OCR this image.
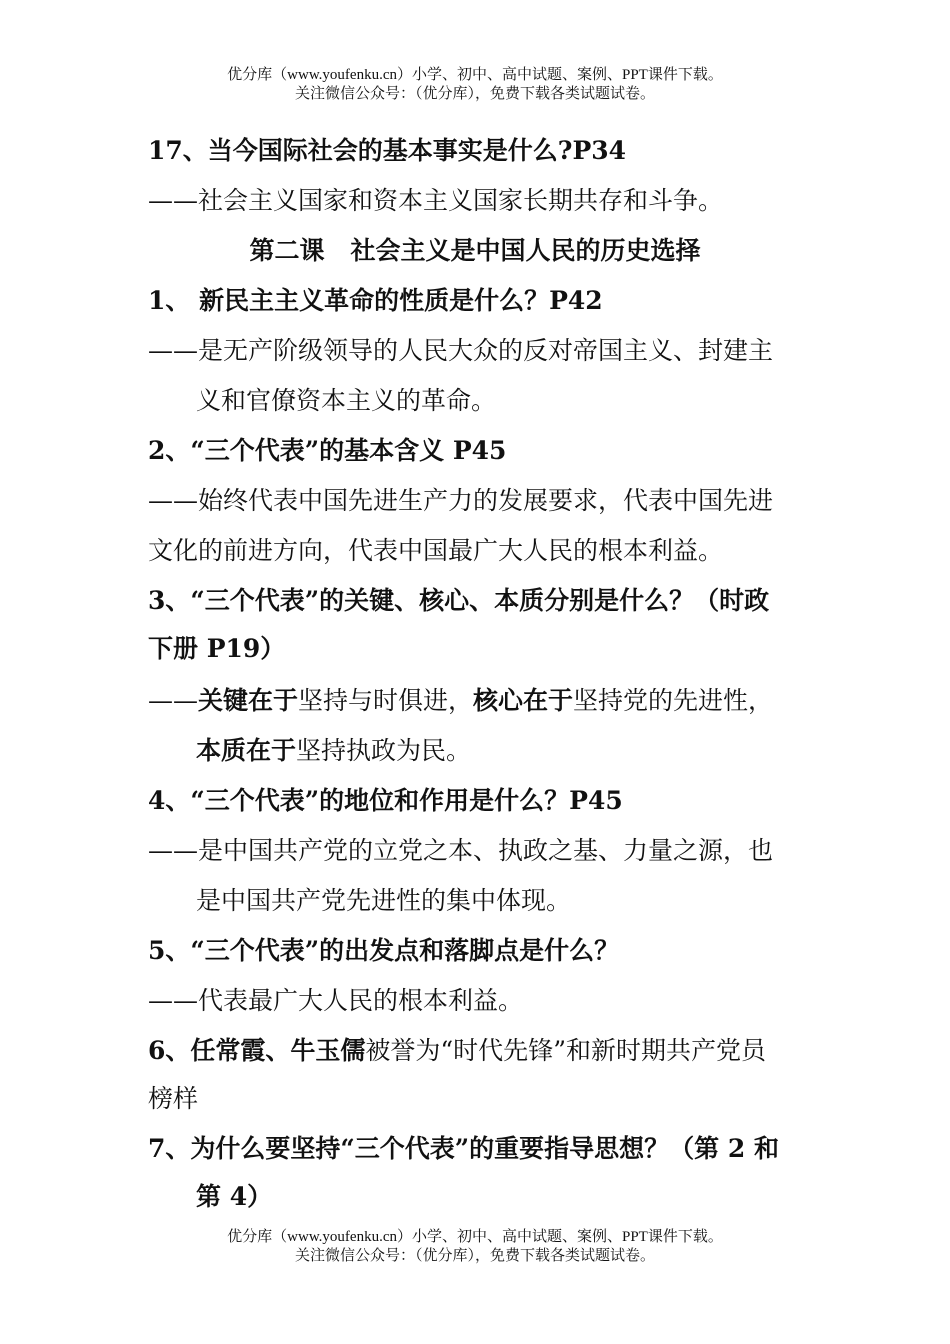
优分库（www.youfenku.cn）小学、初中、高中试题、案例、PPT课件下载。
关注微信公众号：（优分库），免费下载各类试题试卷。
17、当今国际社会的基本事实是什么?P34
——社会主义国家和资本主义国家长期共存和斗争。
第二课   社会主义是中国人民的历史选择
1、 新民主主义革命的性质是什么？P42
——是无产阶级领导的人民大众的反对帝国主义、封建主
义和官僚资本主义的革命。
2、“三个代表”的基本含义 P45
——始终代表中国先进生产力的发展要求，代表中国先进
文化的前进方向，代表中国最广大人民的根本利益。
3、“三个代表”的关键、核心、本质分别是什么？（时政
下册 P19）
——关键在于坚持与时俱进，核心在于坚持党的先进性，
本质在于坚持执政为民。
4、“三个代表”的地位和作用是什么？P45
——是中国共产党的立党之本、执政之基、力量之源，也
是中国共产党先进性的集中体现。
5、“三个代表”的出发点和落脚点是什么？
——代表最广大人民的根本利益。
6、任常霞、牛玉儒被誉为“时代先锋”和新时期共产党员
榜样
7、为什么要坚持“三个代表”的重要指导思想？（第 2 和
第 4）
优分库（www.youfenku.cn）小学、初中、高中试题、案例、PPT课件下载。
关注微信公众号：（优分库），免费下载各类试题试卷。
